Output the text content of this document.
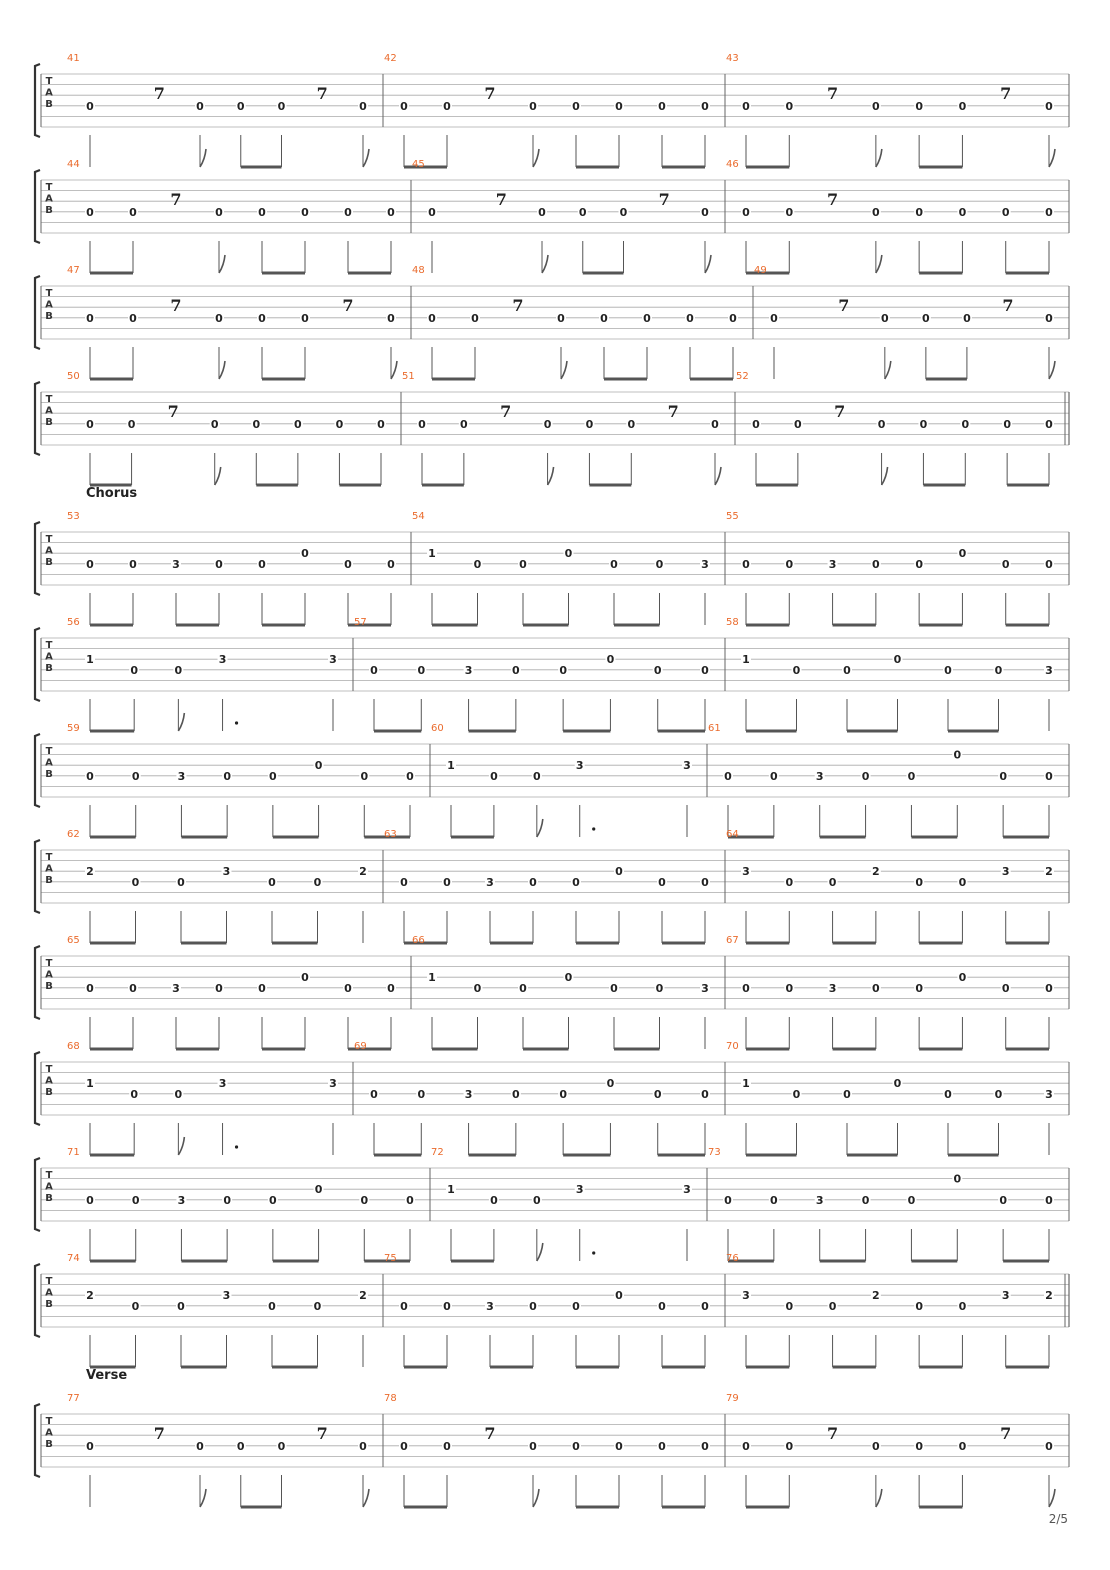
T
A
B
41
0
7
0	0	0
7
0
42
0	0
7
0	0	0	0	0
43
0	0
7
0	0	0
7
0
T
A
B
44
0	0
7
0	0	0	0	0
45
0
7
0	0	0
7
0
46
0	0
7
0	0	0	0	0
T
A
B
47
0	0
7
0	0	0
7
0
48
0	0
7
0	0	0	0	0
49
0
7
0	0	0
7
0
T
A
B
50
0	0
7
0	0	0	0	0
51
0	0
7
0	0	0
7
0
52
0	0
7
0	0	0	0	0
T
A
B
53
0	0	3	0	0
0
0	0
54
1
0	0
0
0	0	3
55
0	0	3	0	0
0
0	0
T
A
B
56
1
0	0
3	3
57
0	0	3	0	0
0
0	0
58
1
0	0
0
0	0	3
T
A
B
59
0	0	3	0	0
0
0	0
60
1
0	0
3	3
61
0	0	3	0	0
0
0	0
T
A
B
62
2
0	0
3
0	0
2
63
0	0	3	0	0
0
0	0
64
3
0	0
2
0	0
3	2
T
A
B
65
0	0	3	0	0
0
0	0
66
1
0	0
0
0	0	3
67
0	0	3	0	0
0
0	0
T
A
B
68
1
0	0
3	3
69
0	0	3	0	0
0
0	0
70
1
0	0
0
0	0	3
T
A
B
71
0	0	3	0	0
0
0	0
72
1
0	0
3	3
73
0	0	3	0	0
0
0	0
T
A
B
74
2
0	0
3
0	0
2
75
0	0	3	0	0
0
0	0
76
3
0	0
2
0	0
3	2
T
A
B
77
0
7
0	0	0
7
0
78
0	0
7
0	0	0	0	0
79
0	0
7
0	0	0
7
0
Chorus
Verse
2/5
